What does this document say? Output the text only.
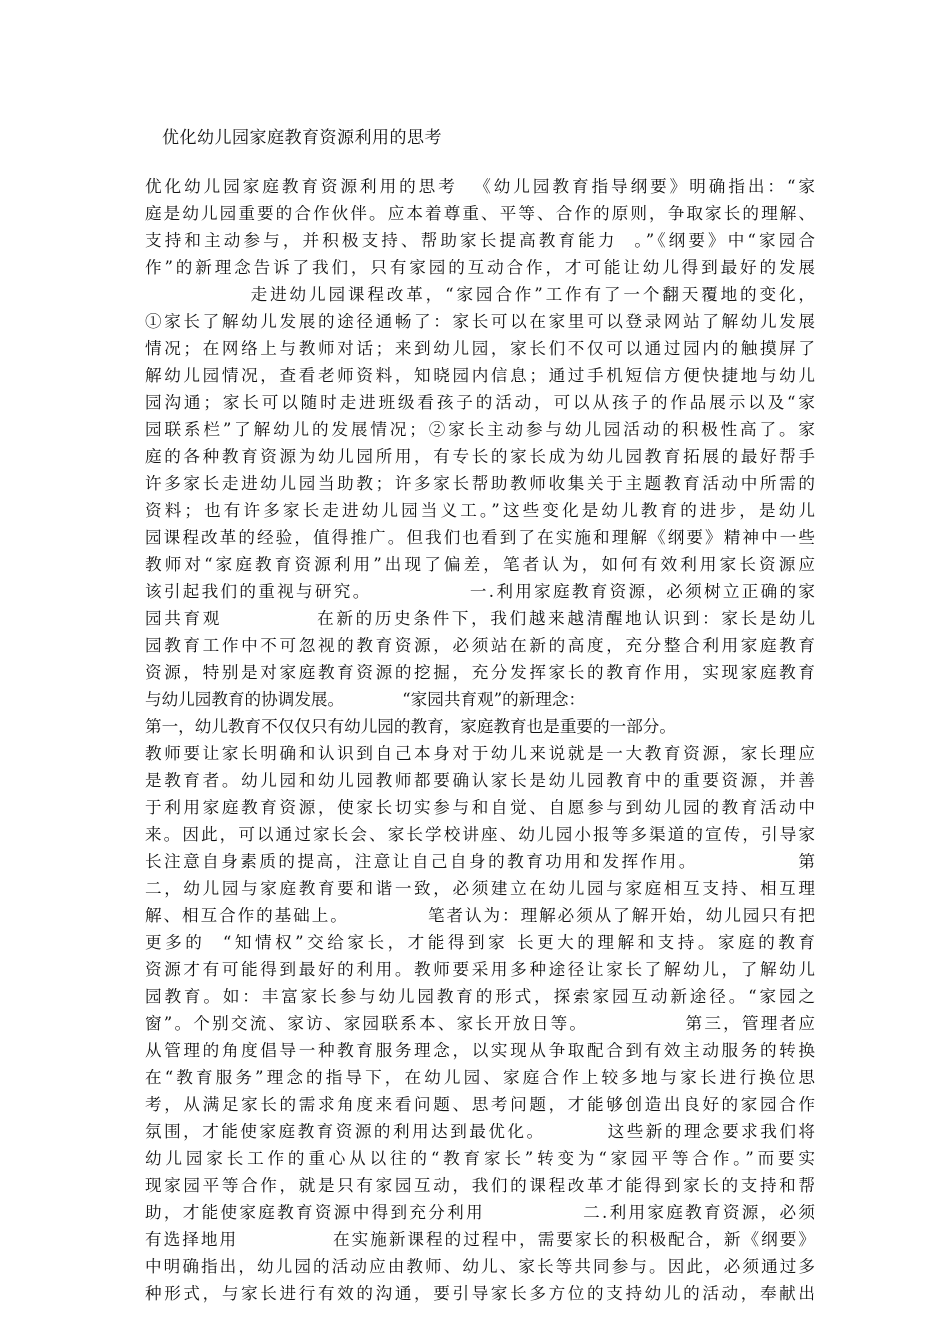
优化幼儿园家庭教育资源利用的思考
优化幼儿园家庭教育资源利用的思考  《幼儿园教育指导纲要》明确指出：“家
庭是幼儿园重要的合作伙伴。应本着尊重、平等、合作的原则，争取家长的理解、
支持和主动参与，并积极支持、帮助家长提高教育能力  。”《纲要》中“家园合
作”的新理念告诉了我们，只有家园的互动合作，才可能让幼儿得到最好的发展
走进幼儿园课程改革，“家园合作”工作有了一个翻天覆地的变化，
①家长了解幼儿发展的途径通畅了：家长可以在家里可以登录网站了解幼儿发展
情况；在网络上与教师对话；来到幼儿园，家长们不仅可以通过园内的触摸屏了
解幼儿园情况，查看老师资料，知晓园内信息；通过手机短信方便快捷地与幼儿
园沟通；家长可以随时走进班级看孩子的活动，可以从孩子的作品展示以及“家
园联系栏”了解幼儿的发展情况；②家长主动参与幼儿园活动的积极性高了。家
庭的各种教育资源为幼儿园所用，有专长的家长成为幼儿园教育拓展的最好帮手
许多家长走进幼儿园当助教；许多家长帮助教师收集关于主题教育活动中所需的
资料；也有许多家长走进幼儿园当义工。”这些变化是幼儿教育的进步，是幼儿
园课程改革的经验，值得推广。但我们也看到了在实施和理解《纲要》精神中一些
教师对“家庭教育资源利用”出现了偏差，笔者认为，如何有效利用家长资源应
该引起我们的重视与研究。             一.利用家庭教育资源，必须树立正确的家
园共育观            在新的历史条件下，我们越来越清醒地认识到：家长是幼儿
园教育工作中不可忽视的教育资源，必须站在新的高度，充分整合利用家庭教育
资源，特别是对家庭教育资源的挖掘，充分发挥家长的教育作用，实现家庭教育
与幼儿园教育的协调发展。           “家园共育观”的新理念：
第一，幼儿教育不仅仅只有幼儿园的教育，家庭教育也是重要的一部分。
教师要让家长明确和认识到自己本身对于幼儿来说就是一大教育资源，家长理应
是教育者。幼儿园和幼儿园教师都要确认家长是幼儿园教育中的重要资源，并善
于利用家庭教育资源，使家长切实参与和自觉、自愿参与到幼儿园的教育活动中
来。因此，可以通过家长会、家长学校讲座、幼儿园小报等多渠道的宣传，引导家
长注意自身素质的提高，注意让自己自身的教育功用和发挥作用。             第
二，幼儿园与家庭教育要和谐一致，必须建立在幼儿园与家庭相互支持、相互理
解、相互合作的基础上。           笔者认为：理解必须从了解开始，幼儿园只有把
更多的  “知情权”交给家长，才能得到家 长更大的理解和支持。家庭的教育
资源才有可能得到最好的利用。教师要采用多种途径让家长了解幼儿，了解幼儿
园教育。如：丰富家长参与幼儿园教育的形式，探索家园互动新途径。“家园之
窗”。个别交流、家访、家园联系本、家长开放日等。             第三，管理者应
从管理的角度倡导一种教育服务理念，以实现从争取配合到有效主动服务的转换
在“教育服务”理念的指导下，在幼儿园、家庭合作上较多地与家长进行换位思
考，从满足家长的需求角度来看问题、思考问题，才能够创造出良好的家园合作
氛围，才能使家庭教育资源的利用达到最优化。        这些新的理念要求我们将
幼儿园家长工作的重心从以往的“教育家长”转变为“家园平等合作。”而要实
现家园平等合作，就是只有家园互动，我们的课程改革才能得到家长的支持和帮
助，才能使家庭教育资源中得到充分利用             二.利用家庭教育资源，必须
有选择地用             在实施新课程的过程中，需要家长的积极配合，新《纲要》
中明确指出，幼儿园的活动应由教师、幼儿、家长等共同参与。因此，必须通过多
种形式，与家长进行有效的沟通，要引导家长多方位的支持幼儿的活动，奉献出
